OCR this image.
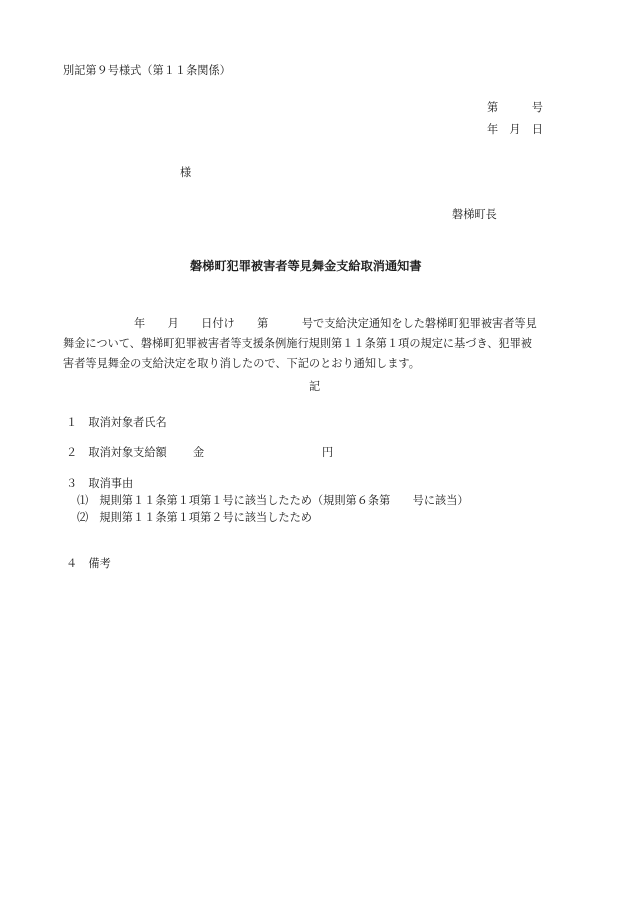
別記第９号様式（第１１条関係）
第　　　号
年　月　日
様
磐梯町長
磐梯町犯罪被害者等見舞金支給取消通知書
年　　月　　日付け　　第　　　号で支給決定通知をした磐梯町犯罪被害者等見
舞金について、磐梯町犯罪被害者等支援条例施行規則第１１条第１項の規定に基づき、犯罪被
害者等見舞金の支給決定を取り消したので、下記のとおり通知します。
記
１　取消対象者氏名
２　取消対象支給額 金	円
３　取消事由
⑴　規則第１１条第１項第１号に該当したため（規則第６条第　　号に該当）
⑵　規則第１１条第１項第２号に該当したため
４　備考
